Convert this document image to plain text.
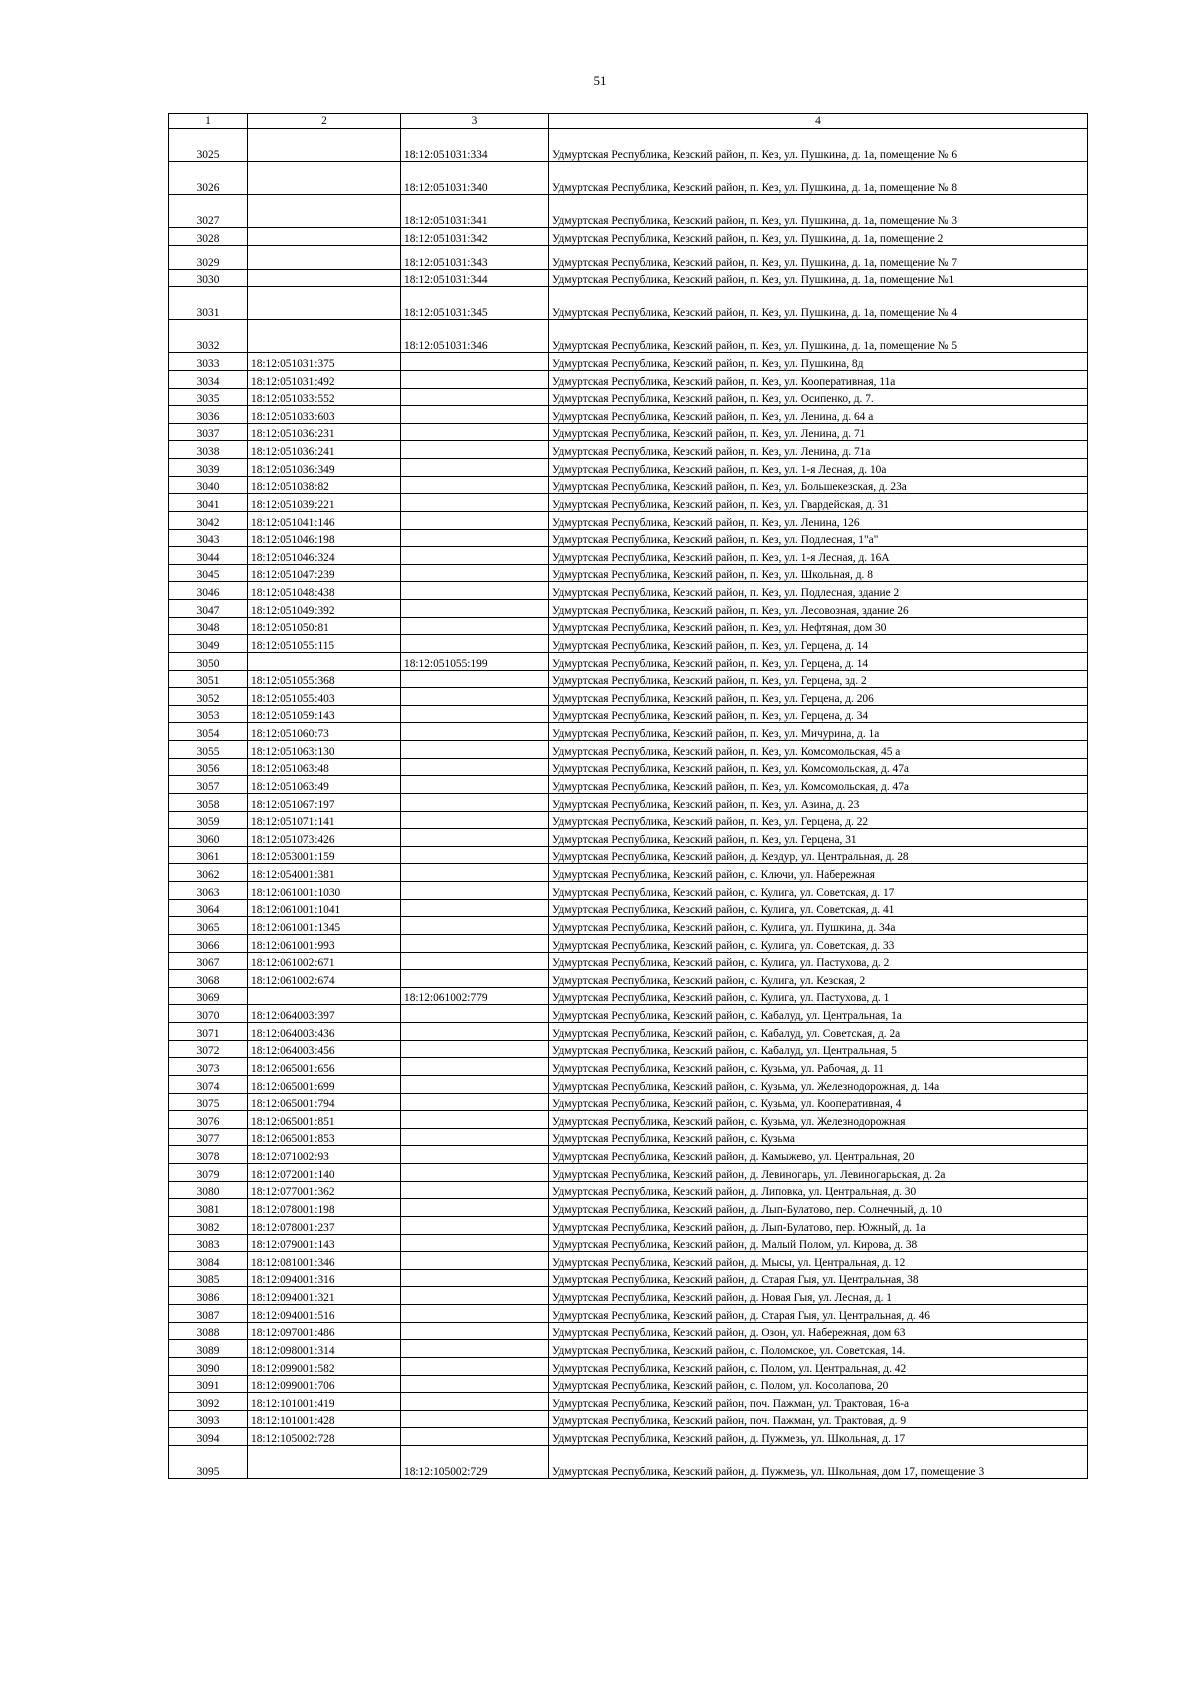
51
1	2	3	4
3025		18:12:051031:334	Удмуртская Республика, Кезский район, п. Кез, ул. Пушкина, д. 1а, помещение № 6
3026		18:12:051031:340	Удмуртская Республика, Кезский район, п. Кез, ул. Пушкина, д. 1а, помещение № 8
3027		18:12:051031:341	Удмуртская Республика, Кезский район, п. Кез, ул. Пушкина, д. 1а, помещение № 3
3028		18:12:051031:342	Удмуртская Республика, Кезский район, п. Кез, ул. Пушкина, д. 1а, помещение 2
3029		18:12:051031:343	Удмуртская Республика, Кезский район, п. Кез, ул. Пушкина, д. 1а, помещение № 7
3030		18:12:051031:344	Удмуртская Республика, Кезский район, п. Кез, ул. Пушкина, д. 1а, помещение №1
3031		18:12:051031:345	Удмуртская Республика, Кезский район, п. Кез, ул. Пушкина, д. 1а, помещение № 4
3032		18:12:051031:346	Удмуртская Республика, Кезский район, п. Кез, ул. Пушкина, д. 1а, помещение № 5
3033	18:12:051031:375		Удмуртская Республика, Кезский район, п. Кез, ул. Пушкина, 8д
3034	18:12:051031:492		Удмуртская Республика, Кезский район, п. Кез, ул. Кооперативная, 11а
3035	18:12:051033:552		Удмуртская Республика, Кезский район, п. Кез, ул. Осипенко, д. 7.
3036	18:12:051033:603		Удмуртская Республика, Кезский район, п. Кез, ул. Ленина, д. 64 а
3037	18:12:051036:231		Удмуртская Республика, Кезский район, п. Кез, ул. Ленина, д. 71
3038	18:12:051036:241		Удмуртская Республика, Кезский район, п. Кез, ул. Ленина, д. 71а
3039	18:12:051036:349		Удмуртская Республика, Кезский район, п. Кез, ул. 1-я Лесная, д. 10а
3040	18:12:051038:82		Удмуртская Республика, Кезский район, п. Кез, ул. Большекезская, д. 23а
3041	18:12:051039:221		Удмуртская Республика, Кезский район, п. Кез, ул. Гвардейская, д. 31
3042	18:12:051041:146		Удмуртская Республика, Кезский район, п. Кез, ул. Ленина, 126
3043	18:12:051046:198		Удмуртская Республика, Кезский район, п. Кез, ул. Подлесная, 1"а"
3044	18:12:051046:324		Удмуртская Республика, Кезский район, п. Кез, ул. 1-я Лесная, д. 16А
3045	18:12:051047:239		Удмуртская Республика, Кезский район, п. Кез, ул. Школьная, д. 8
3046	18:12:051048:438		Удмуртская Республика, Кезский район, п. Кез, ул. Подлесная, здание 2
3047	18:12:051049:392		Удмуртская Республика, Кезский район, п. Кез, ул. Лесовозная, здание 26
3048	18:12:051050:81		Удмуртская Республика, Кезский район, п. Кез, ул. Нефтяная, дом 30
3049	18:12:051055:115		Удмуртская Республика, Кезский район, п. Кез, ул. Герцена, д. 14
3050		18:12:051055:199	Удмуртская Республика, Кезский район, п. Кез, ул. Герцена, д. 14
3051	18:12:051055:368		Удмуртская Республика, Кезский район, п. Кез, ул. Герцена, зд. 2
3052	18:12:051055:403		Удмуртская Республика, Кезский район, п. Кез, ул. Герцена, д. 206
3053	18:12:051059:143		Удмуртская Республика, Кезский район, п. Кез, ул. Герцена, д. 34
3054	18:12:051060:73		Удмуртская Республика, Кезский район, п. Кез, ул. Мичурина, д. 1а
3055	18:12:051063:130		Удмуртская Республика, Кезский район, п. Кез, ул. Комсомольская, 45 а
3056	18:12:051063:48		Удмуртская Республика, Кезский район, п. Кез, ул. Комсомольская, д. 47а
3057	18:12:051063:49		Удмуртская Республика, Кезский район, п. Кез, ул. Комсомольская, д. 47а
3058	18:12:051067:197		Удмуртская Республика, Кезский район, п. Кез, ул. Азина, д. 23
3059	18:12:051071:141		Удмуртская Республика, Кезский район, п. Кез, ул. Герцена, д. 22
3060	18:12:051073:426		Удмуртская Республика, Кезский район, п. Кез, ул. Герцена, 31
3061	18:12:053001:159		Удмуртская Республика, Кезский район, д. Кездур, ул. Центральная, д. 28
3062	18:12:054001:381		Удмуртская Республика, Кезский район, с. Ключи, ул. Набережная
3063	18:12:061001:1030		Удмуртская Республика, Кезский район, с. Кулига, ул. Советская, д. 17
3064	18:12:061001:1041		Удмуртская Республика, Кезский район, с. Кулига, ул. Советская, д. 41
3065	18:12:061001:1345		Удмуртская Республика, Кезский район, с. Кулига, ул. Пушкина, д. 34а
3066	18:12:061001:993		Удмуртская Республика, Кезский район, с. Кулига, ул. Советская, д. 33
3067	18:12:061002:671		Удмуртская Республика, Кезский район, с. Кулига, ул. Пастухова, д. 2
3068	18:12:061002:674		Удмуртская Республика, Кезский район, с. Кулига, ул. Кезская, 2
3069		18:12:061002:779	Удмуртская Республика, Кезский район, с. Кулига, ул. Пастухова, д. 1
3070	18:12:064003:397		Удмуртская Республика, Кезский район, с. Кабалуд, ул. Центральная, 1а
3071	18:12:064003:436		Удмуртская Республика, Кезский район, с. Кабалуд, ул. Советская, д. 2а
3072	18:12:064003:456		Удмуртская Республика, Кезский район, с. Кабалуд, ул. Центральная, 5
3073	18:12:065001:656		Удмуртская Республика, Кезский район, с. Кузьма, ул. Рабочая, д. 11
3074	18:12:065001:699		Удмуртская Республика, Кезский район, с. Кузьма, ул. Железнодорожная, д. 14а
3075	18:12:065001:794		Удмуртская Республика, Кезский район, с. Кузьма, ул. Кооперативная, 4
3076	18:12:065001:851		Удмуртская Республика, Кезский район, с. Кузьма, ул. Железнодорожная
3077	18:12:065001:853		Удмуртская Республика, Кезский район, с. Кузьма
3078	18:12:071002:93		Удмуртская Республика, Кезский район, д. Камыжево, ул. Центральная, 20
3079	18:12:072001:140		Удмуртская Республика, Кезский район, д. Левиногарь, ул. Левиногарьская, д. 2а
3080	18:12:077001:362		Удмуртская Республика, Кезский район, д. Липовка, ул. Центральная, д. 30
3081	18:12:078001:198		Удмуртская Республика, Кезский район, д. Лып-Булатово, пер. Солнечный, д. 10
3082	18:12:078001:237		Удмуртская Республика, Кезский район, д. Лып-Булатово, пер. Южный, д. 1а
3083	18:12:079001:143		Удмуртская Республика, Кезский район, д. Малый Полом, ул. Кирова, д. 38
3084	18:12:081001:346		Удмуртская Республика, Кезский район, д. Мысы, ул. Центральная, д. 12
3085	18:12:094001:316		Удмуртская Республика, Кезский район, д. Старая Гыя, ул. Центральная, 38
3086	18:12:094001:321		Удмуртская Республика, Кезский район, д. Новая Гыя, ул. Лесная, д. 1
3087	18:12:094001:516		Удмуртская Республика, Кезский район, д. Старая Гыя, ул. Центральная, д. 46
3088	18:12:097001:486		Удмуртская Республика, Кезский район, д. Озон, ул. Набережная, дом 63
3089	18:12:098001:314		Удмуртская Республика, Кезский район, с. Поломское, ул. Советская, 14.
3090	18:12:099001:582		Удмуртская Республика, Кезский район, с. Полом, ул. Центральная, д. 42
3091	18:12:099001:706		Удмуртская Республика, Кезский район, с. Полом, ул. Косолапова, 20
3092	18:12:101001:419		Удмуртская Республика, Кезский район, поч. Пажман, ул. Трактовая, 16-а
3093	18:12:101001:428		Удмуртская Республика, Кезский район, поч. Пажман, ул. Трактовая, д. 9
3094	18:12:105002:728		Удмуртская Республика, Кезский район, д. Пужмезь, ул. Школьная, д. 17
3095		18:12:105002:729	Удмуртская Республика, Кезский район, д. Пужмезь, ул. Школьная, дом 17, помещение 3
